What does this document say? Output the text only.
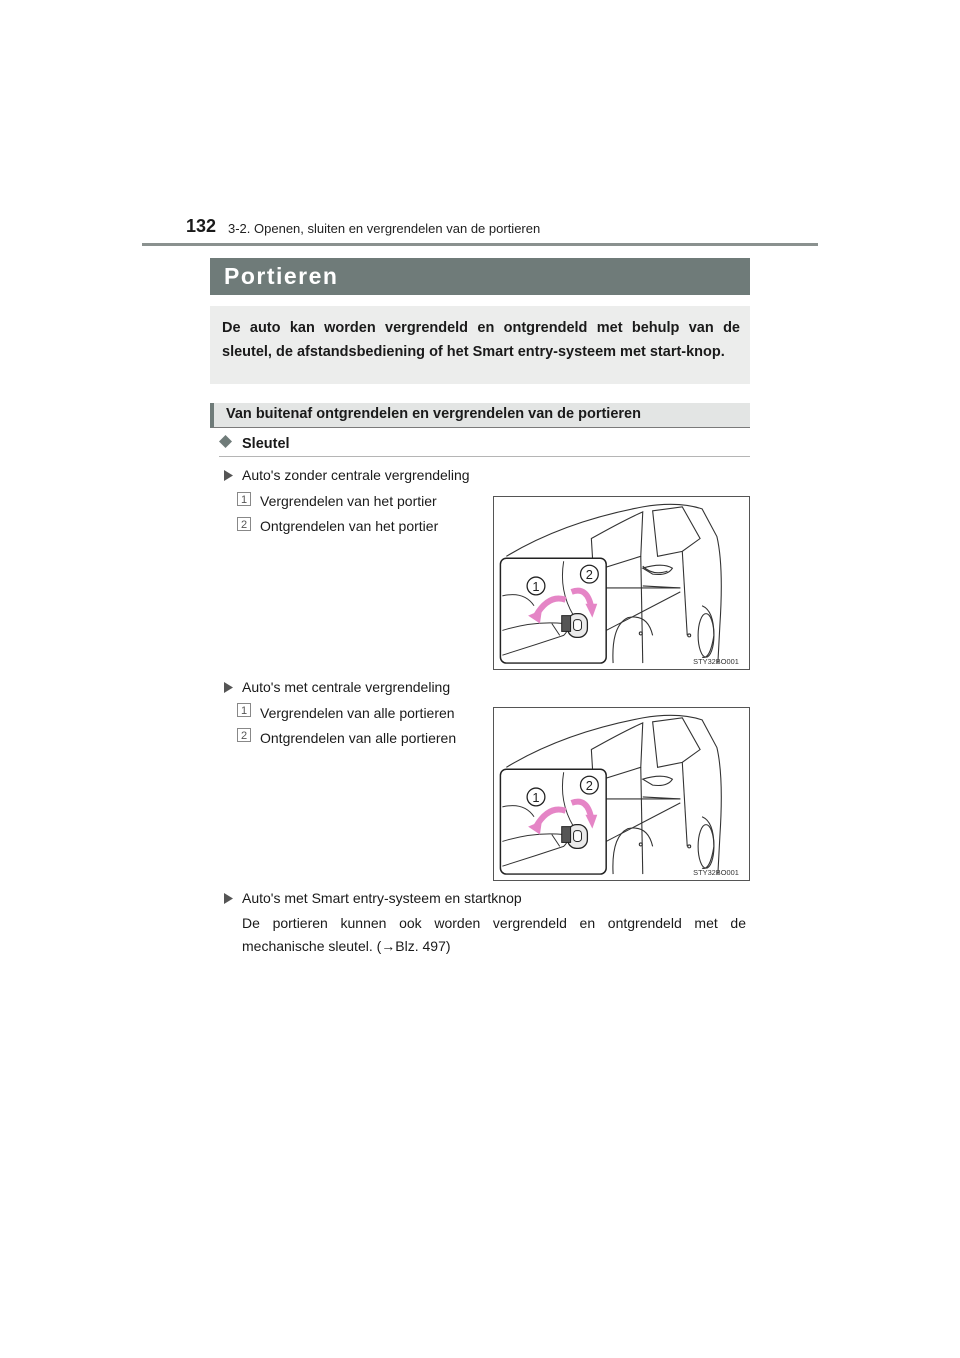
132 3-2. Openen, sluiten en vergrendelen van de portieren
Portieren
De auto kan worden vergrendeld en ontgrendeld met behulp van de sleutel, de afstandsbediening of het Smart entry-systeem met start-knop.
Van buitenaf ontgrendelen en vergrendelen van de portieren
Sleutel
Auto's zonder centrale vergrendeling
1 Vergrendelen van het portier
2 Ontgrendelen van het portier
1
2
STY32BO001
Auto's met centrale vergrendeling
1 Vergrendelen van alle portieren
2 Ontgrendelen van alle portieren
1
2
STY32BO001
Auto's met Smart entry-systeem en startknop
De portieren kunnen ook worden vergrendeld en ontgrendeld met de mechanische sleutel. (→Blz. 497)
